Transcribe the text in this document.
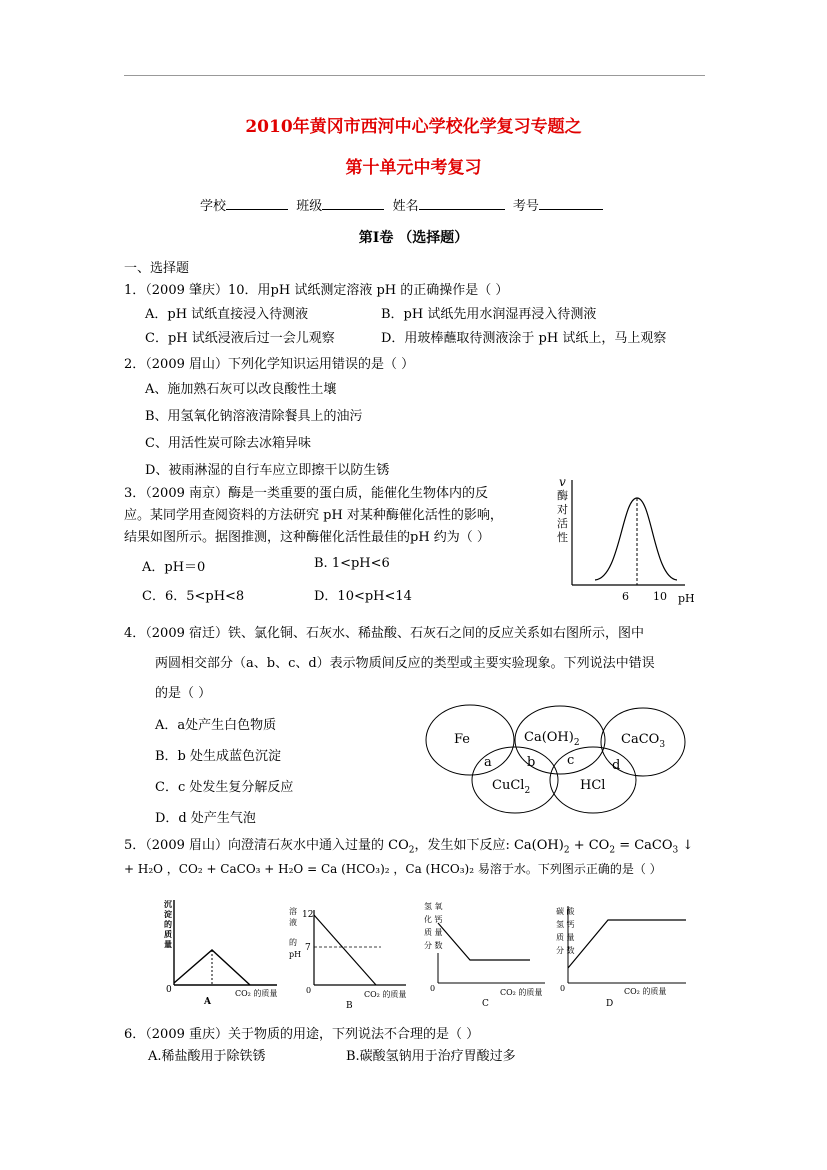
2010年黄冈市西河中心学校化学复习专题之
第十单元中考复习
学校	班级	姓名	考号
第Ⅰ卷 （选择题）
一、选择题
1．（2009 肇庆）10．用pH 试纸测定溶液 pH 的正确操作是（ ）
A．pH 试纸直接浸入待测液	B．pH 试纸先用水润湿再浸入待测液
C．pH 试纸浸液后过一会儿观察	D．用玻棒蘸取待测液涂于 pH 试纸上，马上观察
2．（2009 眉山）下列化学知识运用错误的是（ ）
A、施加熟石灰可以改良酸性土壤
B、用氢氧化钠溶液清除餐具上的油污
C、用活性炭可除去冰箱异味
D、被雨淋湿的自行车应立即擦干以防生锈
3．（2009 南京）酶是一类重要的蛋白质，能催化生物体内的反
应。某同学用查阅资料的方法研究 pH 对某种酶催化活性的影响，
结果如图所示。据图推测，这种酶催化活性最佳的pH 约为（ ）
A．pH＝0	B. 1<pH<6
C．6．5<pH<8	D．10<pH<14
v
酶
对
活
性
6 10 pH
4．（2009 宿迁）铁、氯化铜、石灰水、稀盐酸、石灰石之间的反应关系如右图所示，图中
两圆相交部分（a、b、c、d）表示物质间反应的类型或主要实验现象。下列说法中错误
的是（ ）
A．a处产生白色物质
B．b 处生成蓝色沉淀
C．c 处发生复分解反应
D．d 处产生气泡
Fe	$Ca(OH)_2$	CaCO$_3$
CuCl$_2$	HCl
a	b c	d
5．（2009 眉山）向澄清石灰水中通入过量的 $CO_2$，发生如下反应: $Ca(OH)_2 + CO_2$ = CaCO$_3$ ↓
+ H₂O ，CO₂ + CaCO₃ + H₂O = Ca (HCO₃)₂ ，Ca (HCO₃)₂ 易溶于水。下列图示正确的是（ ）
沉
淀
的
质
量
0	CO₂ 的质量
A
溶
液
的
pH
12
7
0	CO₂ 的质量
B
氢 氧
化 钙
质 量
分 数
0	CO₂ 的质量
C
碳 酸
氢 钙
质 量
分 数
0	CO₂ 的质量
D
6．（2009 重庆）关于物质的用途，下列说法不合理的是（ ）
A.稀盐酸用于除铁锈	B.碳酸氢钠用于治疗胃酸过多
